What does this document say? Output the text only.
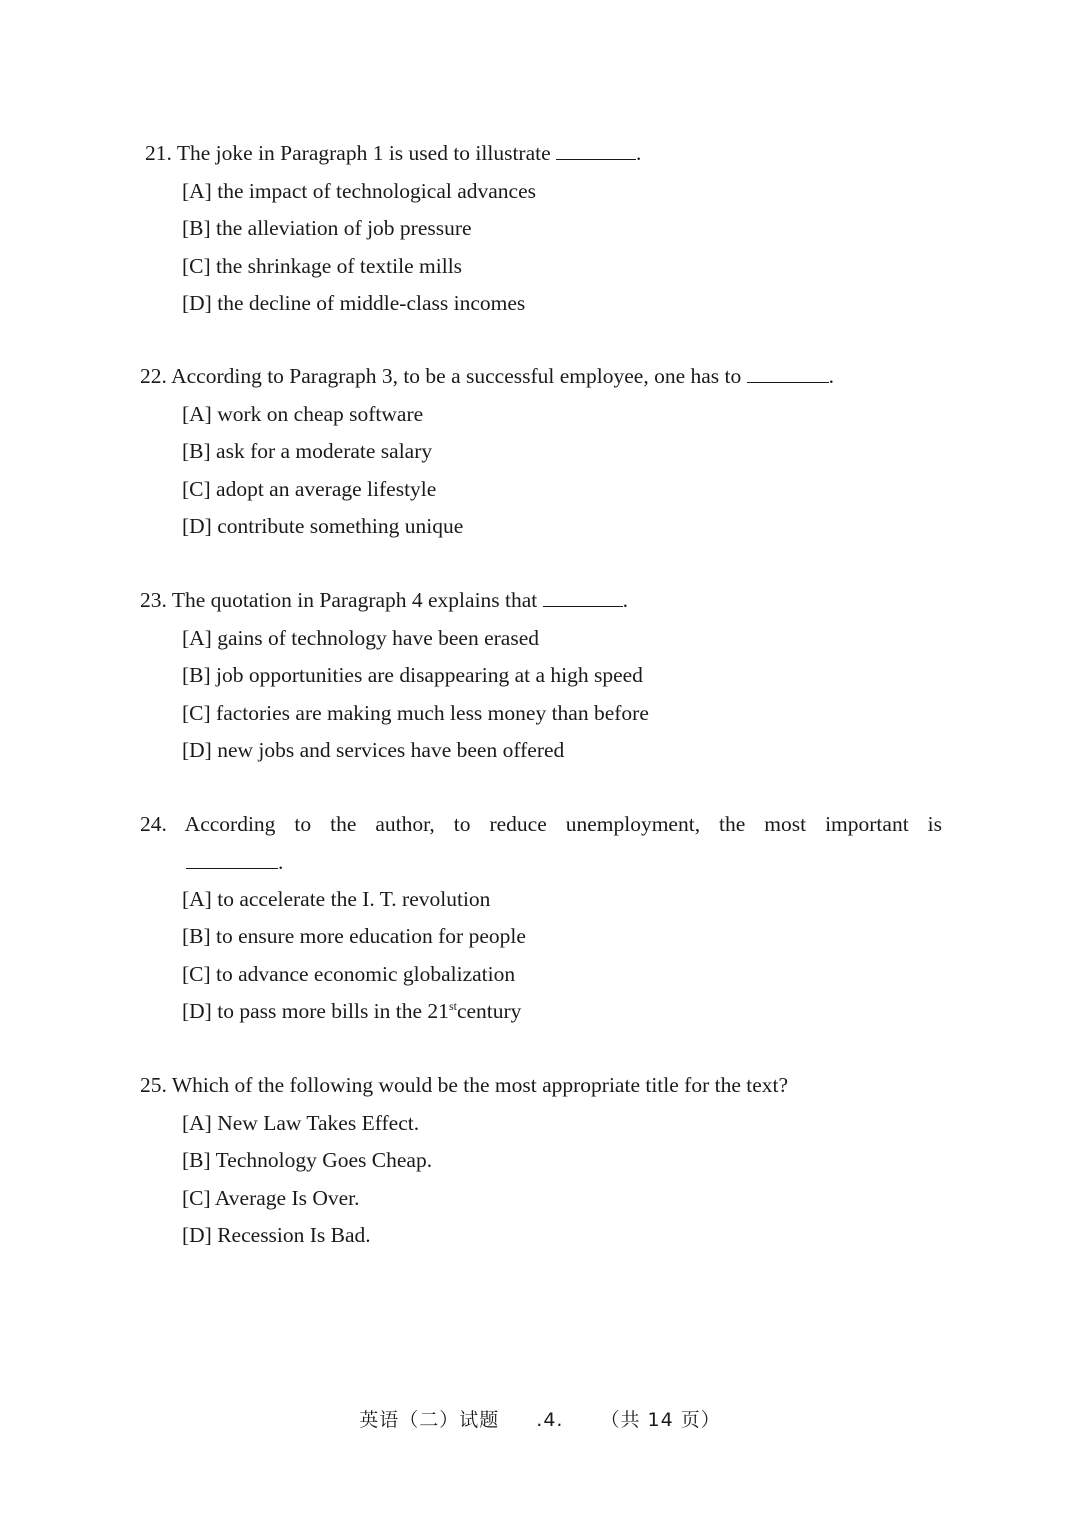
21. The joke in Paragraph 1 is used to illustrate	.

[A] the impact of technological advances
[B] the alleviation of job pressure
[C] the shrinkage of textile mills
[D] the decline of middle-class incomes

22. According to Paragraph 3, to be a successful employee, one has to	.

[A] work on cheap software
[B] ask for a moderate salary
[C] adopt an average lifestyle
[D] contribute something unique

23. The quotation in Paragraph 4 explains that	.

[A] gains of technology have been erased
[B] job opportunities are disappearing at a high speed
[C] factories are making much less money than before
[D] new jobs and services have been offered

24. According to the author, to reduce unemployment, the most important is

.
[A] to accelerate the I. T. revolution
[B] to ensure more education for people
[C] to advance economic globalization
[D] to pass more bills in the 21stcentury

25. Which of the following would be the most appropriate title for the text?

[A] New Law Takes Effect.
[B] Technology Goes Cheap.
[C] Average Is Over.
[D] Recession Is Bad.
英语（二）试题 .4. （共 14 页）
